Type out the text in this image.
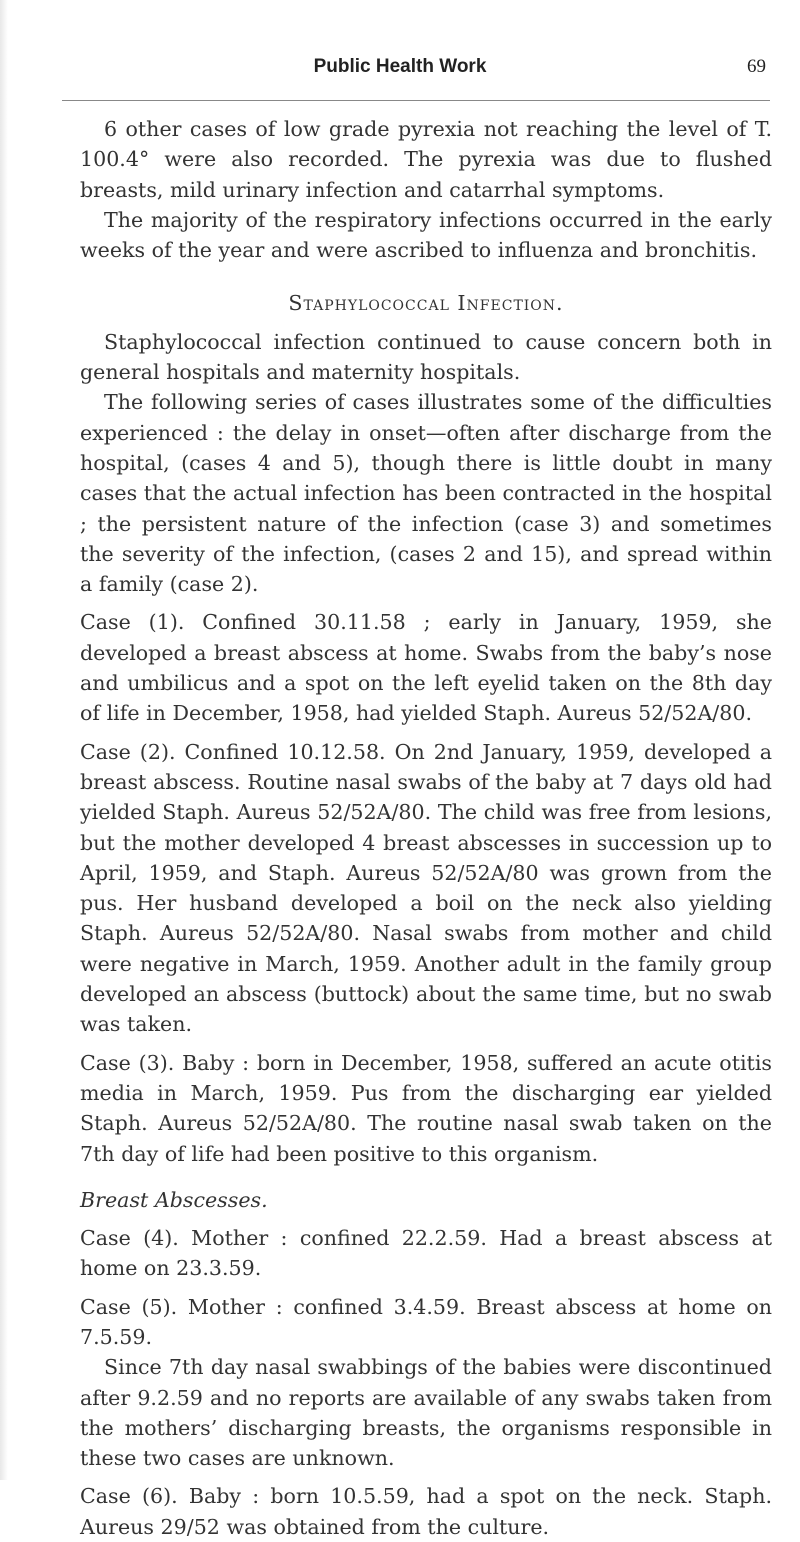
Public Health Work	69

6 other cases of low grade pyrexia not reaching the level of T. 100.4° were also recorded. The pyrexia was due to flushed breasts, mild urinary infection and catarrhal symptoms.

The majority of the respiratory infections occurred in the early weeks of the year and were ascribed to influenza and bronchitis.

Staphylococcal Infection.

Staphylococcal infection continued to cause concern both in general hospitals and maternity hospitals.

The following series of cases illustrates some of the difficulties experienced : the delay in onset—often after discharge from the hospital, (cases 4 and 5), though there is little doubt in many cases that the actual infection has been contracted in the hospital ; the persistent nature of the infection (case 3) and sometimes the severity of the infection, (cases 2 and 15), and spread within a family (case 2).

Case (1). Confined 30.11.58 ; early in January, 1959, she developed a breast abscess at home. Swabs from the baby’s nose and umbilicus and a spot on the left eyelid taken on the 8th day of life in December, 1958, had yielded Staph. Aureus 52/52A/80.

Case (2). Confined 10.12.58. On 2nd January, 1959, developed a breast abscess. Routine nasal swabs of the baby at 7 days old had yielded Staph. Aureus 52/52A/80. The child was free from lesions, but the mother developed 4 breast abscesses in succession up to April, 1959, and Staph. Aureus 52/52A/80 was grown from the pus. Her husband developed a boil on the neck also yielding Staph. Aureus 52/52A/80. Nasal swabs from mother and child were negative in March, 1959. Another adult in the family group developed an abscess (buttock) about the same time, but no swab was taken.

Case (3). Baby : born in December, 1958, suffered an acute otitis media in March, 1959. Pus from the discharging ear yielded Staph. Aureus 52/52A/80. The routine nasal swab taken on the 7th day of life had been positive to this organism.

Breast Abscesses.

Case (4). Mother : confined 22.2.59. Had a breast abscess at home on 23.3.59.

Case (5). Mother : confined 3.4.59. Breast abscess at home on 7.5.59.

Since 7th day nasal swabbings of the babies were discontinued after 9.2.59 and no reports are available of any swabs taken from the mothers’ discharging breasts, the organisms responsible in these two cases are unknown.

Case (6). Baby : born 10.5.59, had a spot on the neck. Staph. Aureus 29/52 was obtained from the culture.
